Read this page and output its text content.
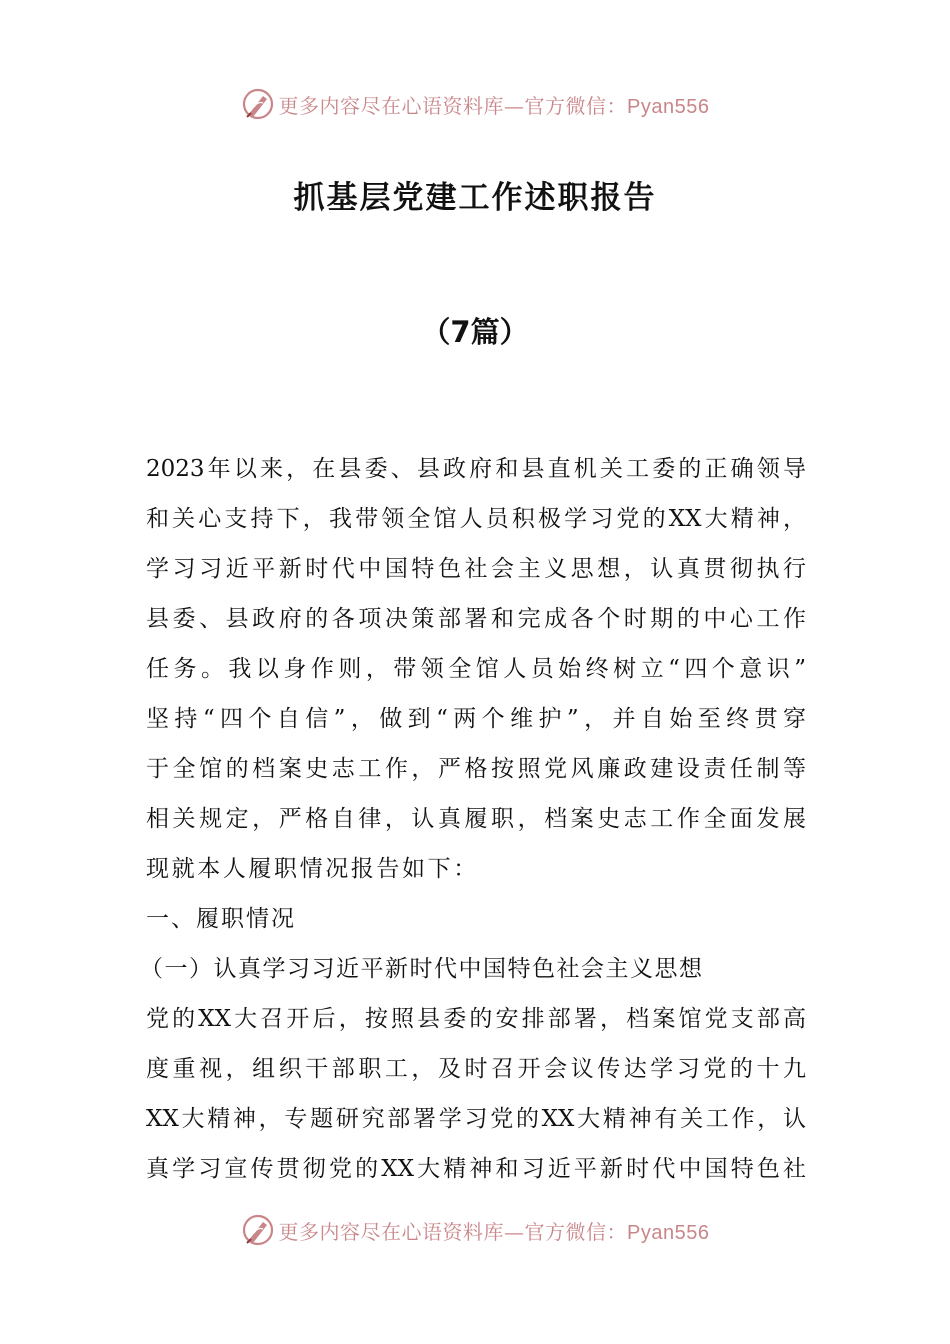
更多内容尽在心语资料库—官方微信：Pyan556
抓基层党建工作述职报告
（7篇）
2023年以来，在县委、县政府和县直机关工委的正确领导
和关心支持下，我带领全馆人员积极学习党的XX大精神，
学习习近平新时代中国特色社会主义思想，认真贯彻执行
县委、县政府的各项决策部署和完成各个时期的中心工作
任务。我以身作则，带领全馆人员始终树立“四个意识”
坚持“四个自信”，做到“两个维护”，并自始至终贯穿
于全馆的档案史志工作，严格按照党风廉政建设责任制等
相关规定，严格自律，认真履职，档案史志工作全面发展
现就本人履职情况报告如下：
一、履职情况
（一）认真学习习近平新时代中国特色社会主义思想
党的XX大召开后，按照县委的安排部署，档案馆党支部高
度重视，组织干部职工，及时召开会议传达学习党的十九
XX大精神，专题研究部署学习党的XX大精神有关工作，认
真学习宣传贯彻党的XX大精神和习近平新时代中国特色社
更多内容尽在心语资料库—官方微信：Pyan556
